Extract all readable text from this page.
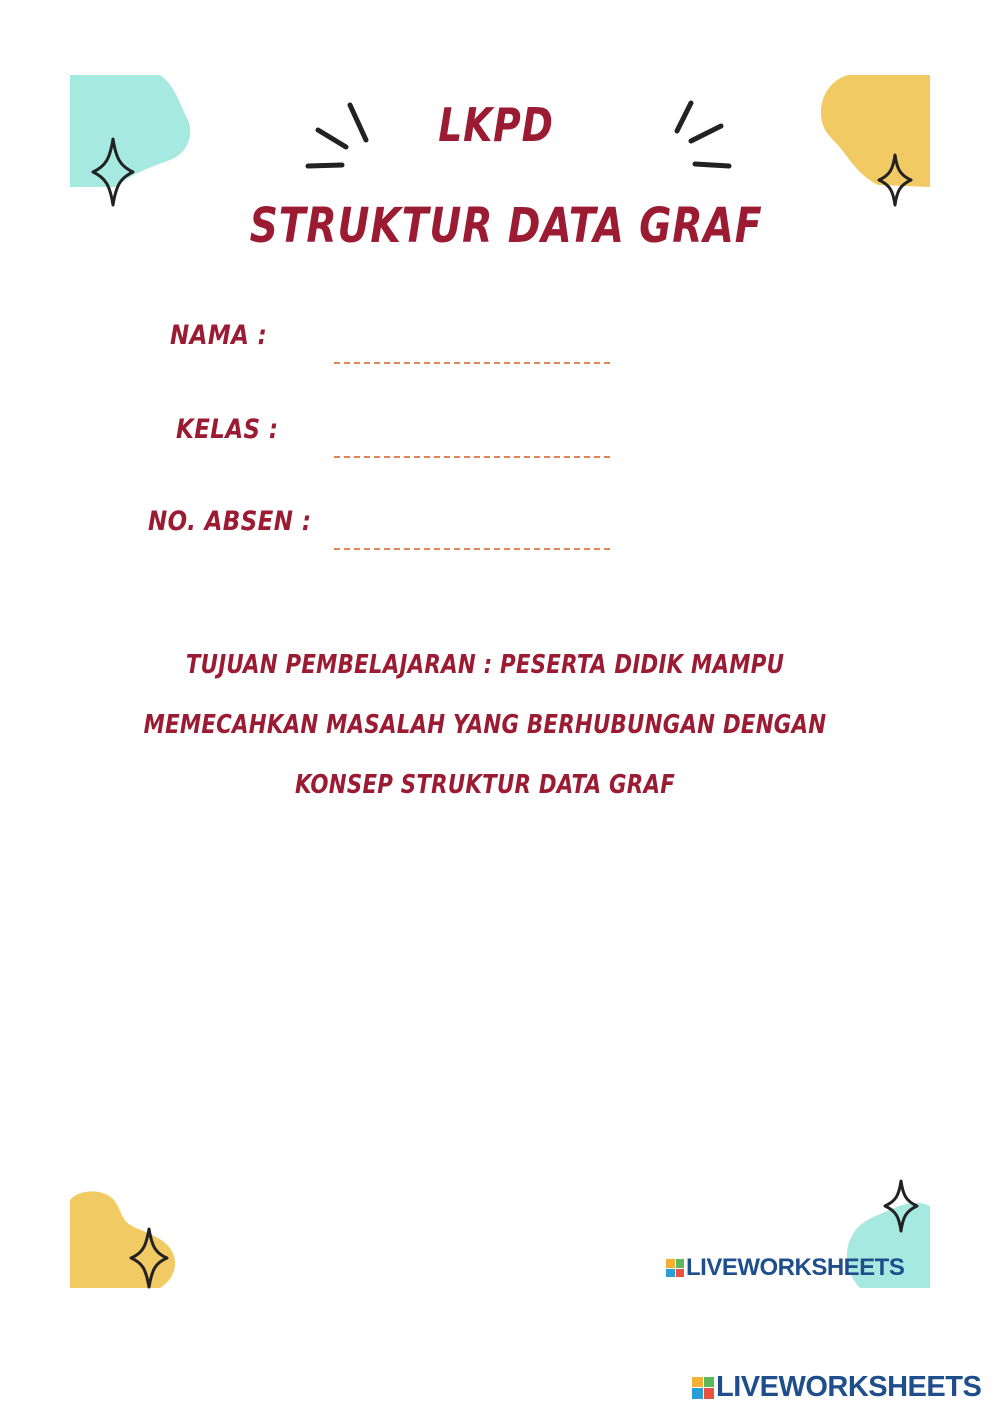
LKPD
STRUKTUR DATA GRAF
NAMA :
KELAS :
NO. ABSEN :
TUJUAN PEMBELAJARAN : PESERTA DIDIK MAMPU
MEMECAHKAN MASALAH YANG BERHUBUNGAN DENGAN
KONSEP STRUKTUR DATA GRAF
LIVEWORKSHEETS
LIVEWORKSHEETS
